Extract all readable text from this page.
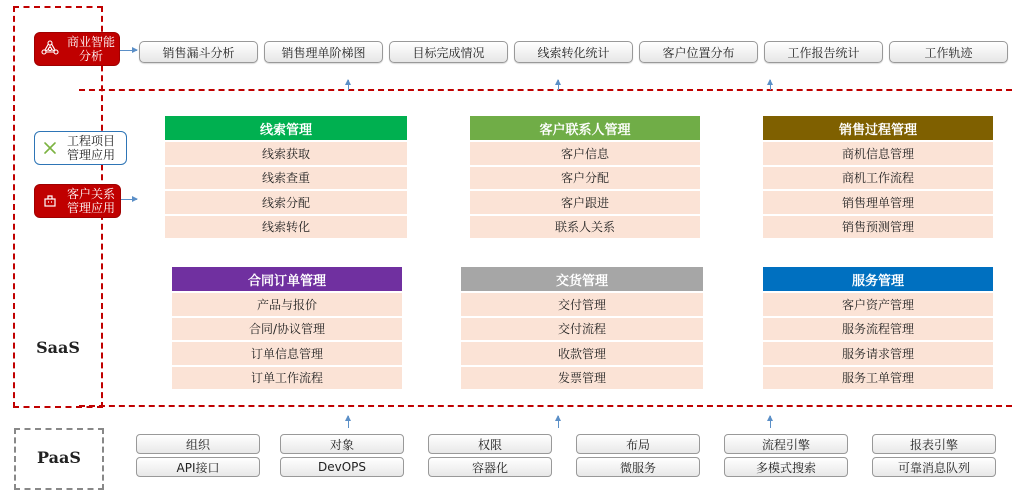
SaaS
PaaS
商业智能分析
工程项目管理应用
客户关系管理应用
销售漏斗分析	销售理单阶梯图	目标完成情况	线索转化统计	客户位置分布	工作报告统计	工作轨迹
线索管理
线索获取
线索查重
线索分配
线索转化
客户联系人管理
客户信息
客户分配
客户跟进
联系人关系
销售过程管理
商机信息管理
商机工作流程
销售理单管理
销售预测管理
合同订单管理
产品与报价
合同/协议管理
订单信息管理
订单工作流程
交货管理
交付管理
交付流程
收款管理
发票管理
服务管理
客户资产管理
服务流程管理
服务请求管理
服务工单管理
组织
API接口
对象
DevOPS
权限
容器化
布局
微服务
流程引擎
多模式搜索
报表引擎
可靠消息队列
